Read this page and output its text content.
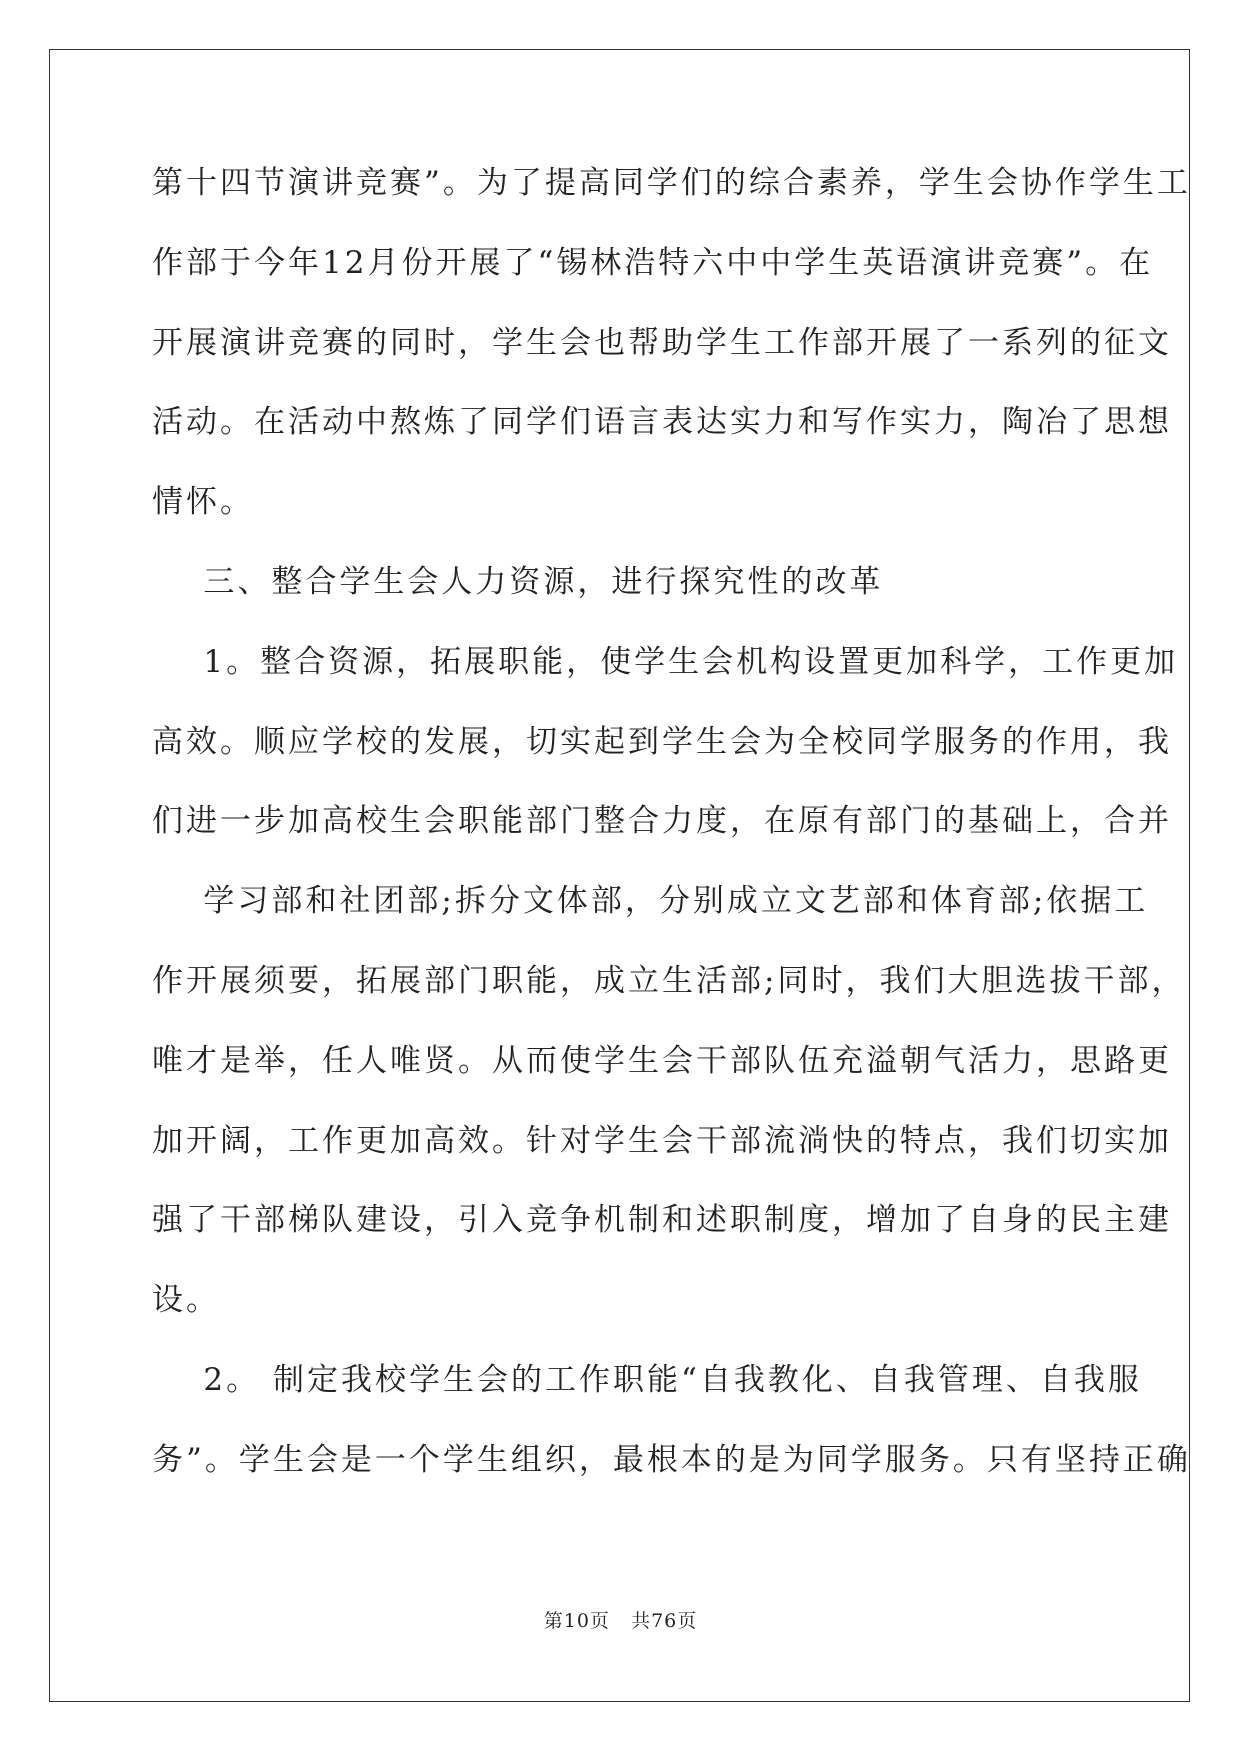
第十四节演讲竞赛”。为了提高同学们的综合素养，学生会协作学生工
作部于今年12月份开展了“锡林浩特六中中学生英语演讲竞赛”。在
开展演讲竞赛的同时，学生会也帮助学生工作部开展了一系列的征文
活动。在活动中熬炼了同学们语言表达实力和写作实力，陶冶了思想
情怀。
三、整合学生会人力资源，进行探究性的改革
1。整合资源，拓展职能，使学生会机构设置更加科学，工作更加
高效。顺应学校的发展，切实起到学生会为全校同学服务的作用，我
们进一步加高校生会职能部门整合力度，在原有部门的基础上，合并
学习部和社团部;拆分文体部，分别成立文艺部和体育部;依据工
作开展须要，拓展部门职能，成立生活部;同时，我们大胆选拔干部，
唯才是举，任人唯贤。从而使学生会干部队伍充溢朝气活力，思路更
加开阔，工作更加高效。针对学生会干部流淌快的特点，我们切实加
强了干部梯队建设，引入竞争机制和述职制度，增加了自身的民主建
设。
2。 制定我校学生会的工作职能“自我教化、自我管理、自我服
务”。学生会是一个学生组织，最根本的是为同学服务。只有坚持正确
第10页 共76页
